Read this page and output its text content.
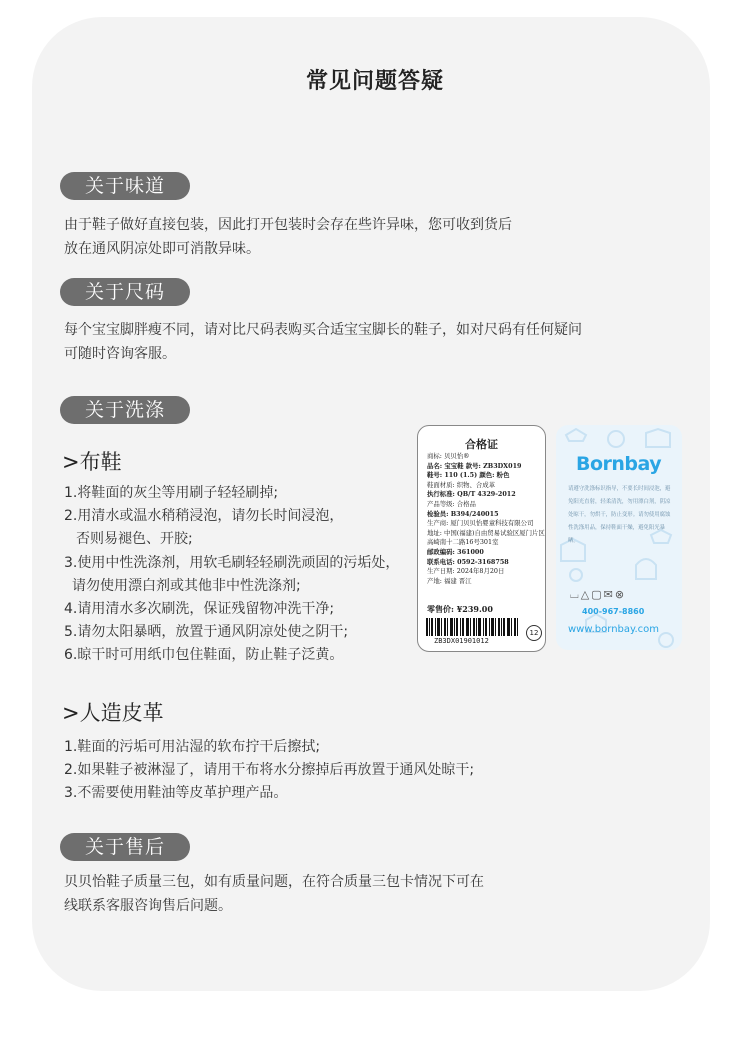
常见问题答疑
关于味道
由于鞋子做好直接包装，因此打开包装时会存在些许异味，您可收到货后
放在通风阴凉处即可消散异味。
关于尺码
每个宝宝脚胖瘦不同，请对比尺码表购买合适宝宝脚长的鞋子，如对尺码有任何疑问
可随时咨询客服。
关于洗涤
>布鞋
1.将鞋面的灰尘等用刷子轻轻刷掉;
2.用清水或温水稍稍浸泡，请勿长时间浸泡，
否则易褪色、开胶;
3.使用中性洗涤剂，用软毛刷轻轻刷洗顽固的污垢处，
请勿使用漂白剂或其他非中性洗涤剂;
4.请用清水多次刷洗，保证残留物冲洗干净;
5.请勿太阳暴晒，放置于通风阴凉处使之阴干;
6.晾干时可用纸巾包住鞋面，防止鞋子泛黄。
>人造皮革
1.鞋面的污垢可用沾湿的软布拧干后擦拭;
2.如果鞋子被淋湿了，请用干布将水分擦掉后再放置于通风处晾干;
3.不需要使用鞋油等皮革护理产品。
关于售后
贝贝怡鞋子质量三包，如有质量问题，在符合质量三包卡情况下可在
线联系客服咨询售后问题。
合格证
商标: 贝贝怡®
品名: 宝宝鞋 款号: ZB3DX019
鞋号: 110 (1.5) 颜色: 粉色
鞋面材质: 织物、合成革
执行标准: QB/T 4329-2012
产品等级: 合格品
检验员: B394/240015
生产商: 厦门贝贝怡婴童科技有限公司
地址: 中国(福建)自由贸易试验区厦门片区
高崎南十二路16号301室
邮政编码: 361000
联系电话: 0592-3168758
生产日期: 2024年8月20日
产地: 福建 晋江
零售价: ¥239.00
ZB3DX01901012
12
Bornbay
请遵守洗涤标识指导，不要长时间浸泡，避免阳光直射，轻柔清洗，勿用漂白剂，阴凉处晾干，勿烘干，防止变形。请勿使用腐蚀性洗涤用品，保持鞋面干燥，避免阳光暴晒。
⌴△▢✉⊗
400-967-8860
www.bornbay.com
